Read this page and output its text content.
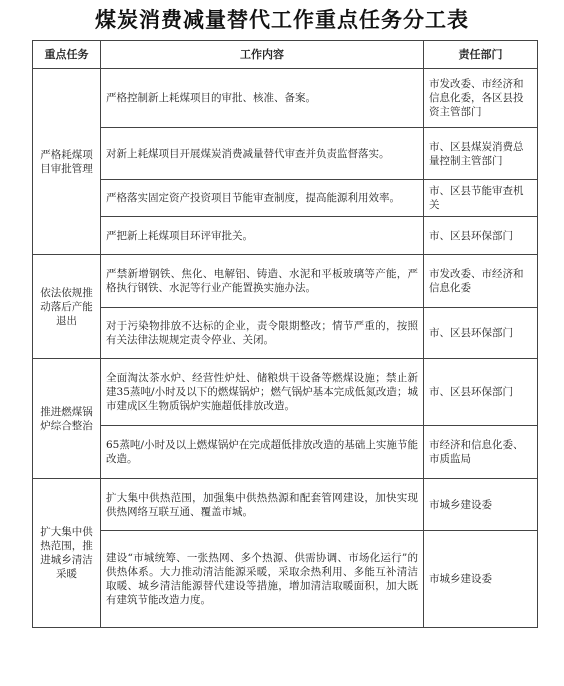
煤炭消费减量替代工作重点任务分工表
重点任务	工作内容	责任部门
严格耗煤项目审批管理	严格控制新上耗煤项目的审批、核准、备案。	市发改委、市经济和信息化委，各区县投资主管部门
	对新上耗煤项目开展煤炭消费减量替代审查并负责监督落实。	市、区县煤炭消费总量控制主管部门
	严格落实固定资产投资项目节能审查制度，提高能源利用效率。	市、区县节能审查机关
	严把新上耗煤项目环评审批关。	市、区县环保部门
依法依规推动落后产能退出	严禁新增钢铁、焦化、电解铝、铸造、水泥和平板玻璃等产能，严格执行钢铁、水泥等行业产能置换实施办法。	市发改委、市经济和信息化委
	对于污染物排放不达标的企业，责令限期整改；情节严重的，按照有关法律法规规定责令停业、关闭。	市、区县环保部门
推进燃煤锅炉综合整治	全面淘汰茶水炉、经营性炉灶、储粮烘干设备等燃煤设施；禁止新建35蒸吨/小时及以下的燃煤锅炉；燃气锅炉基本完成低氮改造；城市建成区生物质锅炉实施超低排放改造。	市、区县环保部门
	65蒸吨/小时及以上燃煤锅炉在完成超低排放改造的基础上实施节能改造。	市经济和信息化委、市质监局
扩大集中供热范围，推进城乡清洁采暖	扩大集中供热范围，加强集中供热热源和配套管网建设，加快实现供热网络互联互通、覆盖市城。	市城乡建设委
	建设“市城统筹、一张热网、多个热源、供需协调、市场化运行”的供热体系。大力推动清洁能源采暖，采取余热利用、多能互补清洁取暖、城乡清洁能源替代建设等措施，增加清洁取暖面积，加大既有建筑节能改造力度。	市城乡建设委
